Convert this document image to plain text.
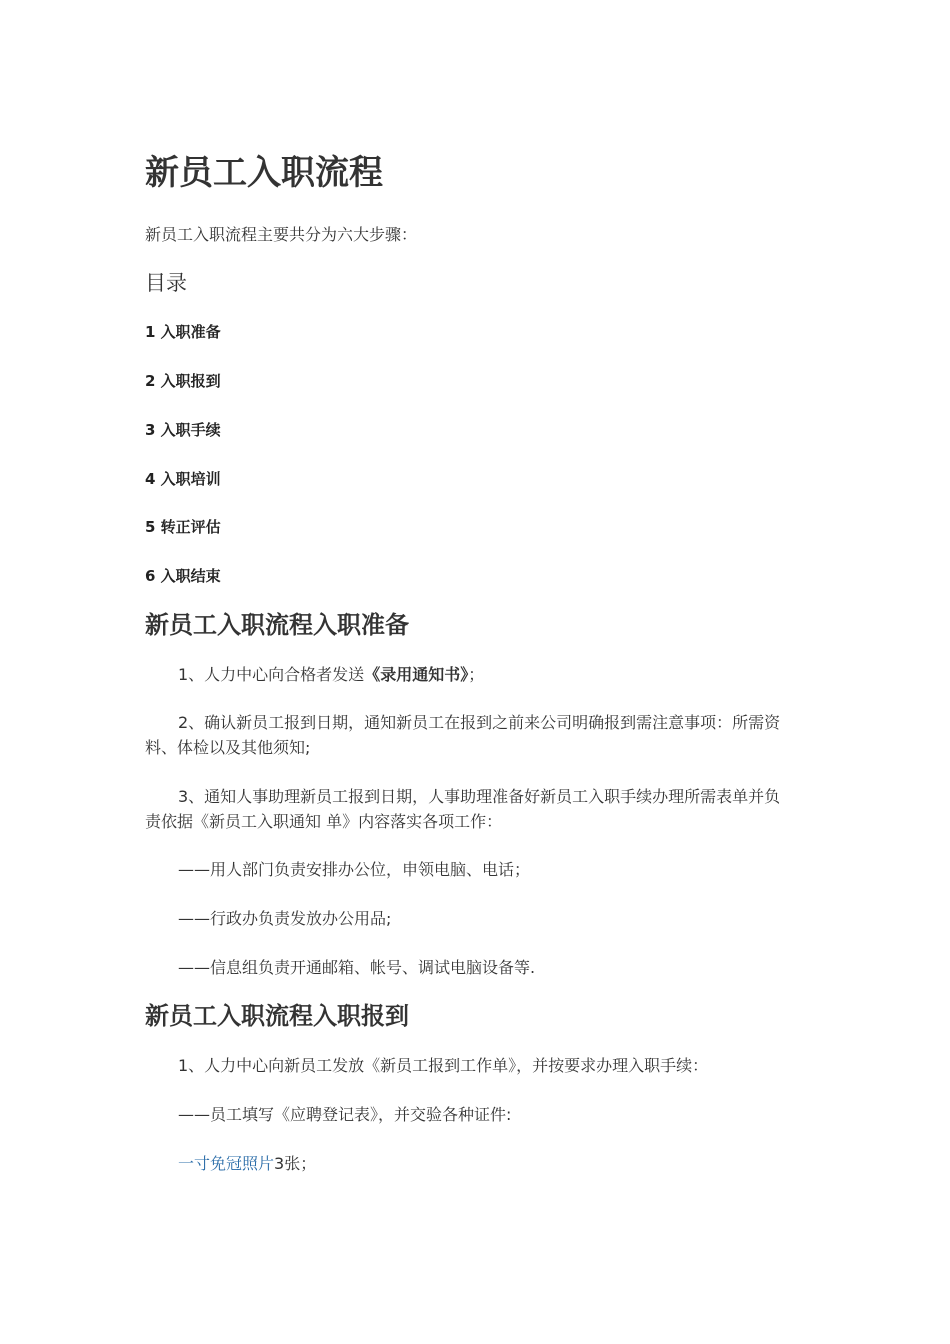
新员工入职流程

新员工入职流程主要共分为六大步骤：

目录

1 入职准备

2 入职报到

3 入职手续

4 入职培训

5 转正评估

6 入职结束

新员工入职流程入职准备

1、人力中心向合格者发送《录用通知书》；

2、确认新员工报到日期，通知新员工在报到之前来公司明确报到需注意事项：所需资料、体检以及其他须知;

3、通知人事助理新员工报到日期，人事助理准备好新员工入职手续办理所需表单并负责依据《新员工入职通知 单》内容落实各项工作：

——用人部门负责安排办公位，申领电脑、电话；

——行政办负责发放办公用品;

——信息组负责开通邮箱、帐号、调试电脑设备等.

新员工入职流程入职报到

1、人力中心向新员工发放《新员工报到工作单》，并按要求办理入职手续：

——员工填写《应聘登记表》，并交验各种证件:

一寸免冠照片3张；
